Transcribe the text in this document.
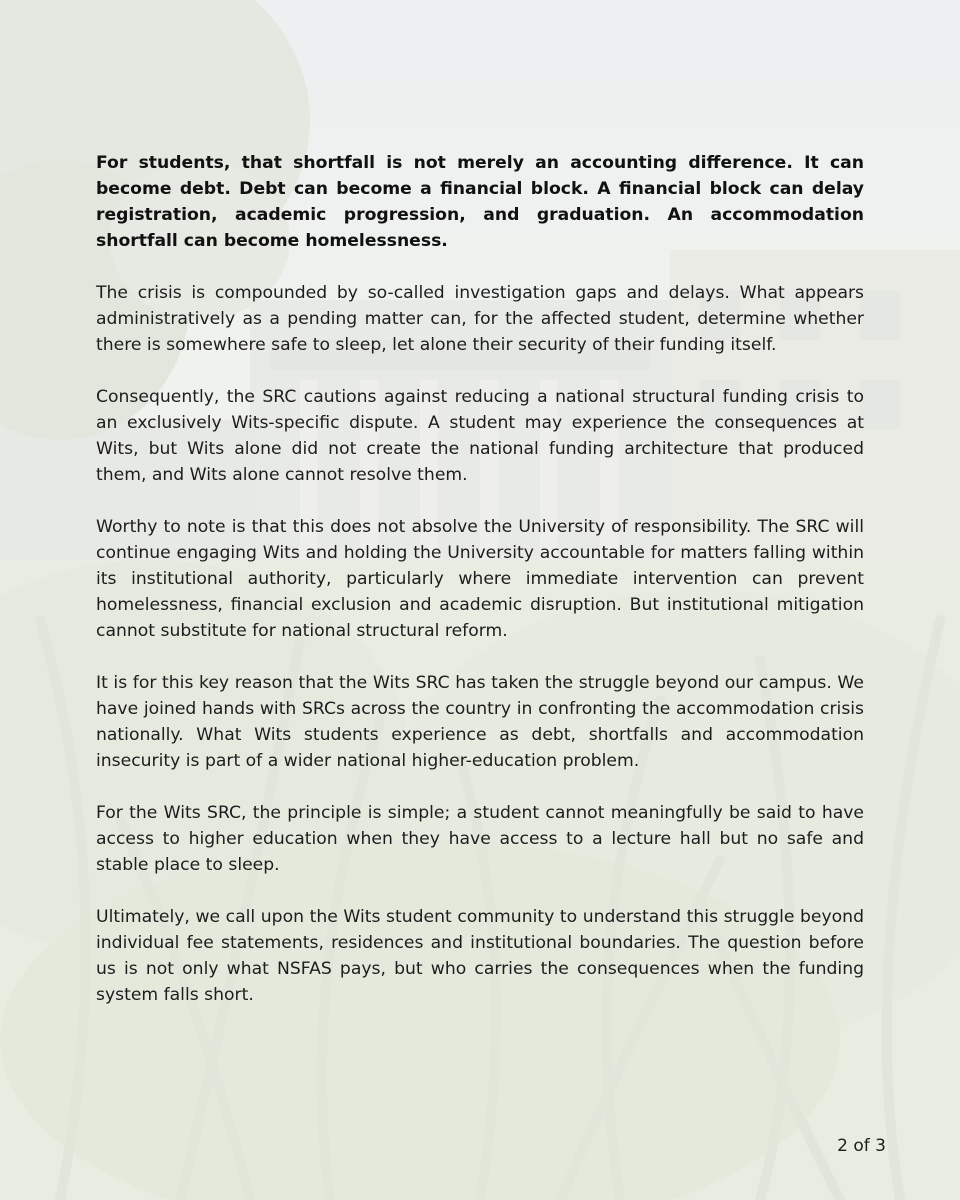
For students, that shortfall is not merely an accounting difference. It can become debt. Debt can become a financial block. A financial block can delay registration, academic progression, and graduation. An accommodation shortfall can become homelessness.

The crisis is compounded by so-called investigation gaps and delays. What appears administratively as a pending matter can, for the affected student, determine whether there is somewhere safe to sleep, let alone their security of their funding itself.

Consequently, the SRC cautions against reducing a national structural funding crisis to an exclusively Wits-specific dispute. A student may experience the consequences at Wits, but Wits alone did not create the national funding architecture that produced them, and Wits alone cannot resolve them.

Worthy to note is that this does not absolve the University of responsibility. The SRC will continue engaging Wits and holding the University accountable for matters falling within its institutional authority, particularly where immediate intervention can prevent homelessness, financial exclusion and academic disruption. But institutional mitigation cannot substitute for national structural reform.

It is for this key reason that the Wits SRC has taken the struggle beyond our campus. We have joined hands with SRCs across the country in confronting the accommodation crisis nationally. What Wits students experience as debt, shortfalls and accommodation insecurity is part of a wider national higher-education problem.

For the Wits SRC, the principle is simple; a student cannot meaningfully be said to have access to higher education when they have access to a lecture hall but no safe and stable place to sleep.

Ultimately, we call upon the Wits student community to understand this struggle beyond individual fee statements, residences and institutional boundaries. The question before us is not only what NSFAS pays, but who carries the consequences when the funding system falls short.

2 of 3
